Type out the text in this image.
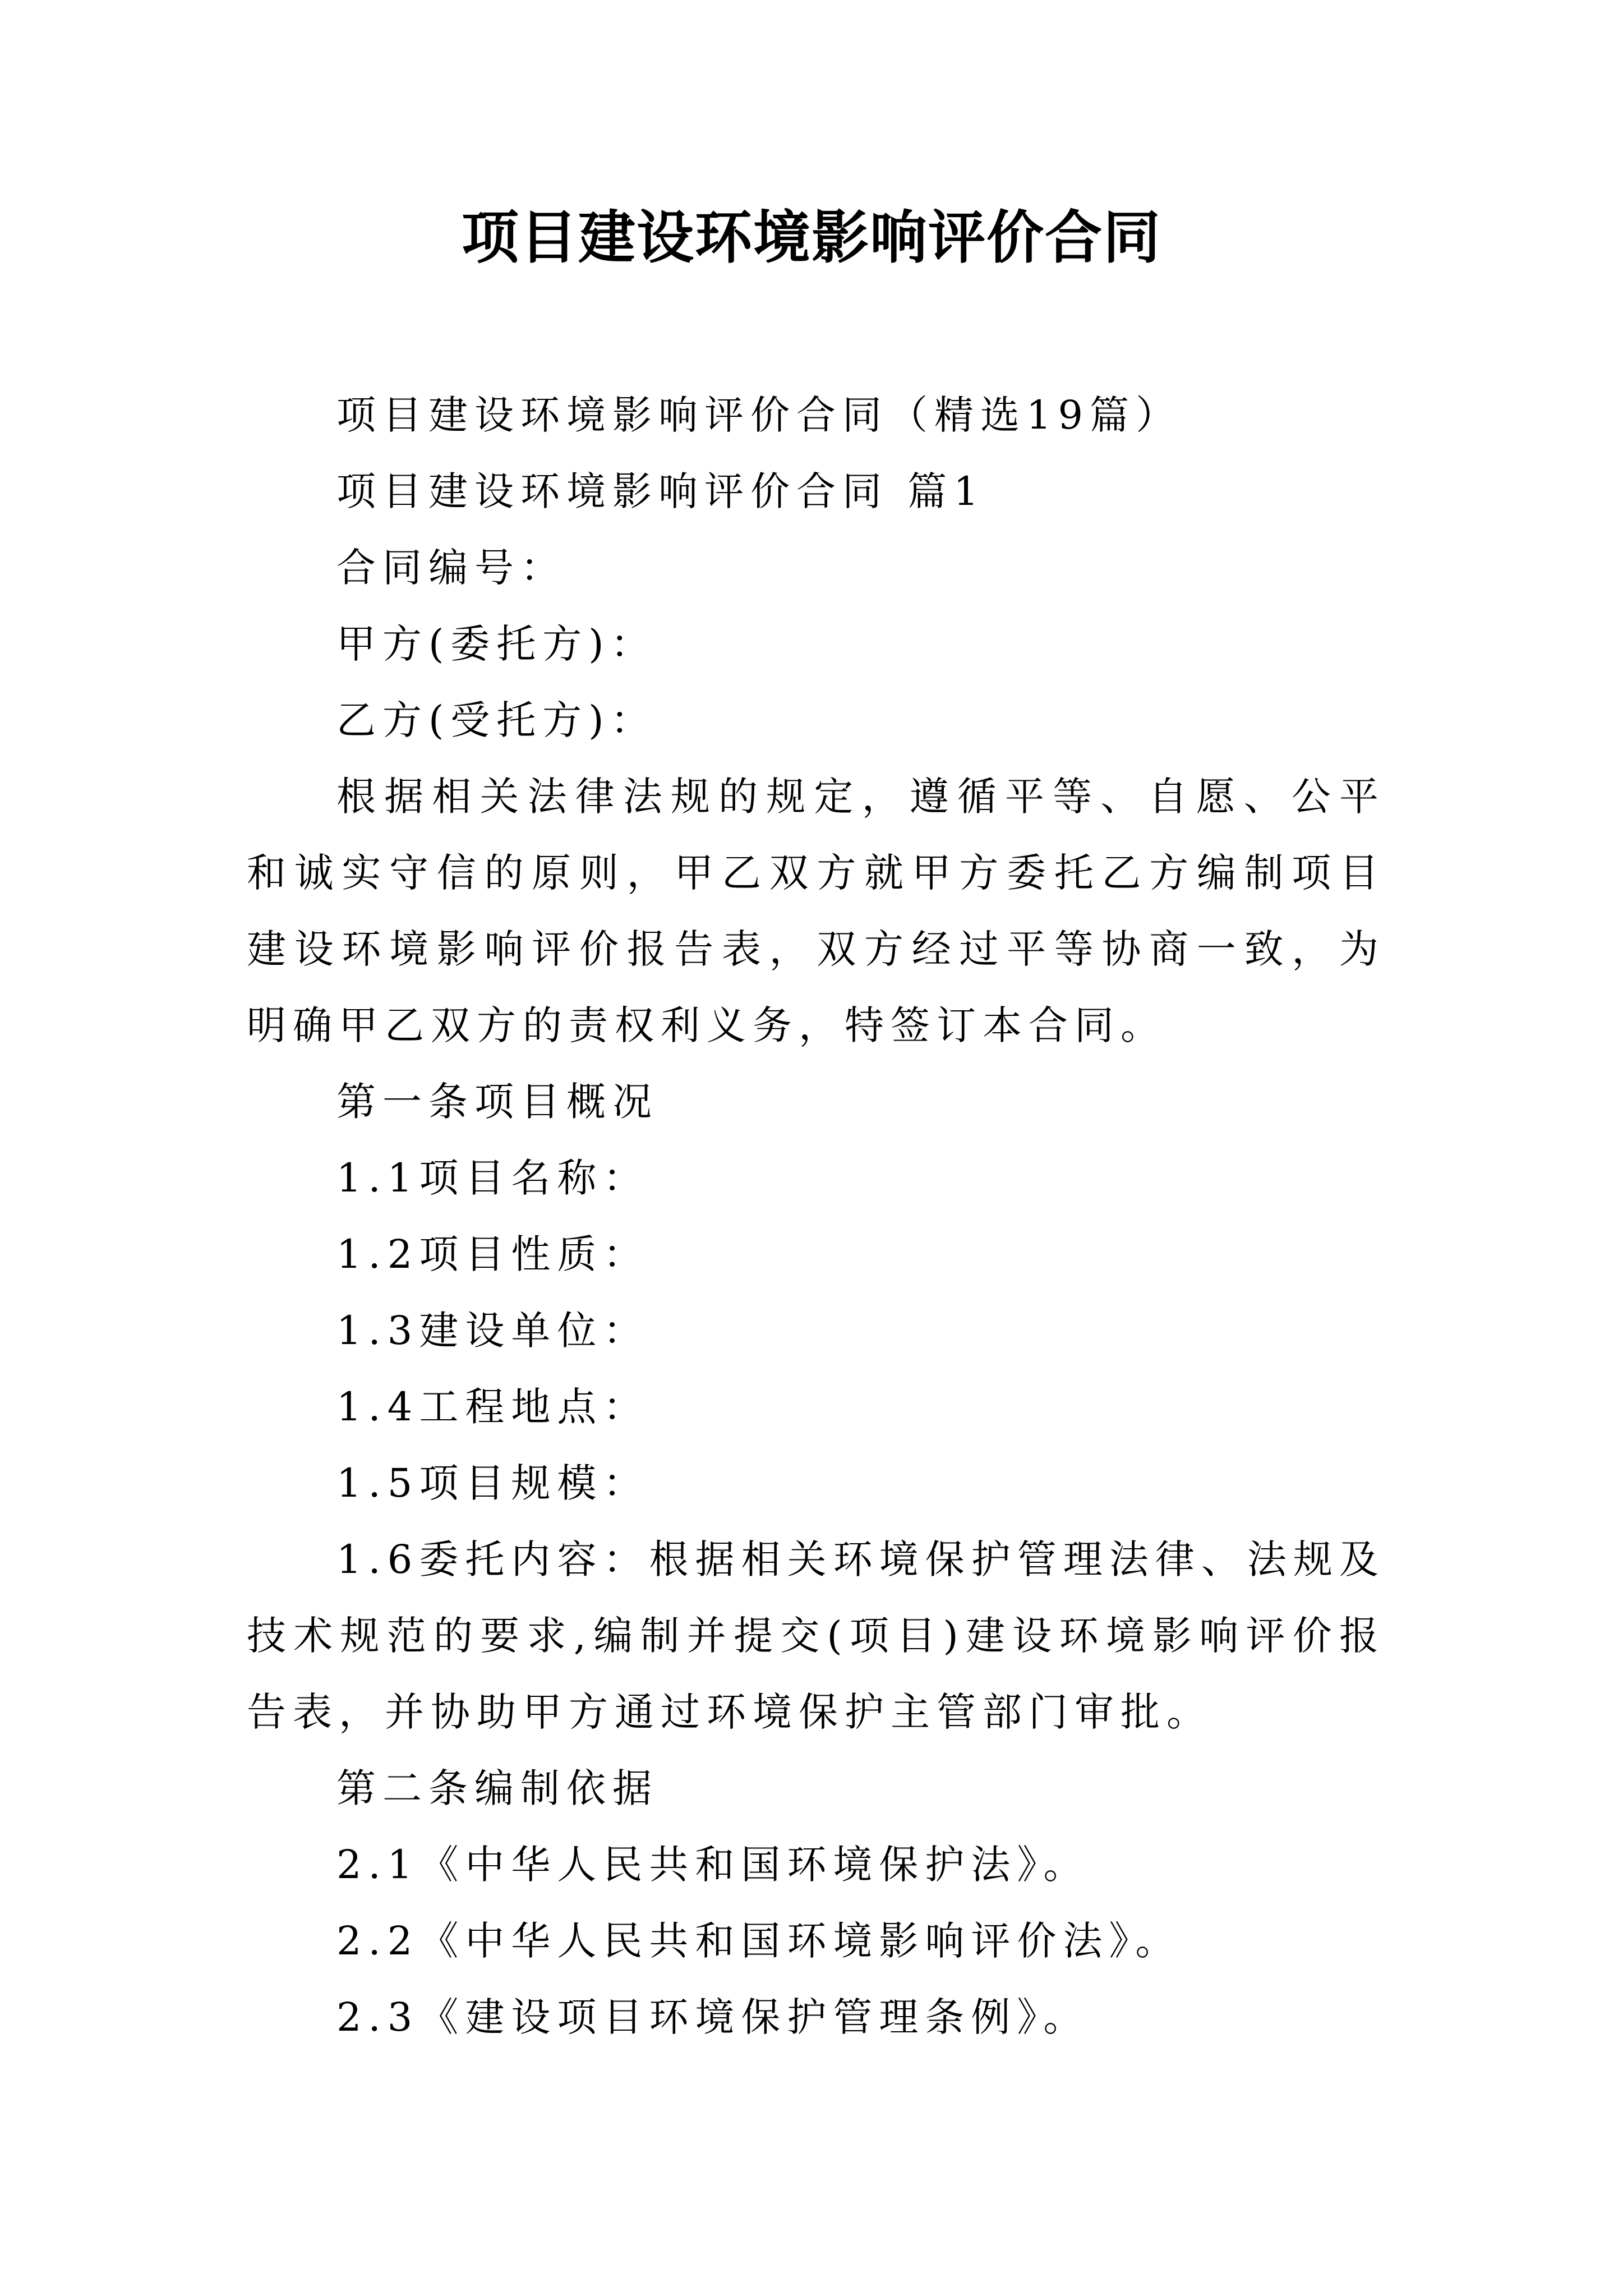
项目建设环境影响评价合同

项目建设环境影响评价合同（精选19篇）

项目建设环境影响评价合同 篇1

合同编号：

甲方(委托方)：

乙方(受托方)：

根据相关法律法规的规定，遵循平等、自愿、公平和诚实守信的原则，甲乙双方就甲方委托乙方编制项目建设环境影响评价报告表，双方经过平等协商一致，为明确甲乙双方的责权利义务，特签订本合同。

第一条项目概况

1.1项目名称：

1.2项目性质：

1.3建设单位：

1.4工程地点：

1.5项目规模：

1.6委托内容：根据相关环境保护管理法律、法规及技术规范的要求,编制并提交(项目)建设环境影响评价报告表，并协助甲方通过环境保护主管部门审批。

第二条编制依据

2.1《中华人民共和国环境保护法》。

2.2《中华人民共和国环境影响评价法》。

2.3《建设项目环境保护管理条例》。
